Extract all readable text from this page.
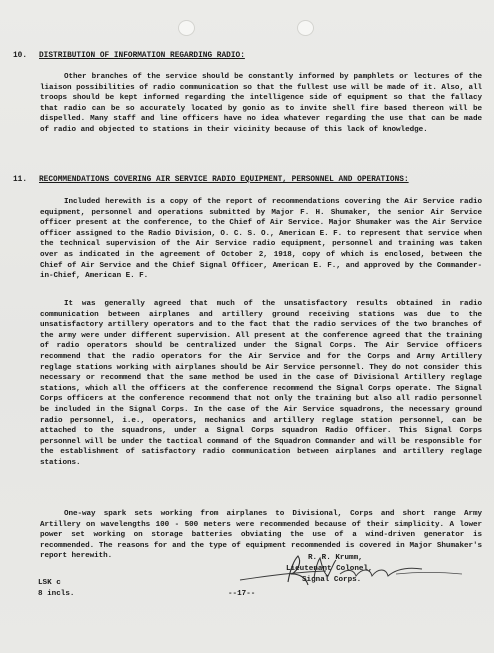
10. DISTRIBUTION OF INFORMATION REGARDING RADIO:

Other branches of the service should be constantly informed by pamphlets or lectures of the liaison possibilities of radio communication so that the fullest use will be made of it. Also, all troops should be kept informed regarding the intelligence side of equipment so that the fallacy that radio can be so accurately located by gonio as to invite shell fire based thereon will be dispelled. Many staff and line officers have no idea whatever regarding the use that can be made of radio and objected to stations in their vicinity because of this lack of knowledge.

11. RECOMMENDATIONS COVERING AIR SERVICE RADIO EQUIPMENT, PERSONNEL AND OPERATIONS:

Included herewith is a copy of the report of recommendations covering the Air Service radio equipment, personnel and operations submitted by Major F. H. Shumaker, the senior Air Service officer present at the conference, to the Chief of Air Service. Major Shumaker was the Air Service officer assigned to the Radio Division, O. C. S. O., American E. F. to represent that service when the technical supervision of the Air Service radio equipment, personnel and training was taken over as indicated in the agreement of October 2, 1918, copy of which is enclosed, between the Chief of Air Service and the Chief Signal Officer, American E. F., and approved by the Commander-in-Chief, American E. F.

It was generally agreed that much of the unsatisfactory results obtained in radio communication between airplanes and artillery ground receiving stations was due to the unsatisfactory artillery operators and to the fact that the radio services of the two branches of the army were under different supervision. All present at the conference agreed that the training of radio operators should be centralized under the Signal Corps. The Air Service officers recommend that the radio operators for the Air Service and for the Corps and Army Artillery reglage stations working with airplanes should be Air Service personnel. They do not consider this necessary or recommend that the same method be used in the case of Divisional Artillery reglage stations, which all the officers at the conference recommend the Signal Corps operate. The Signal Corps officers at the conference recommend that not only the training but also all radio personnel be included in the Signal Corps. In the case of the Air Service squadrons, the necessary ground radio personnel, i.e., operators, mechanics and artillery reglage station personnel, can be attached to the squadrons, under a Signal Corps squadron Radio Officer. This Signal Corps personnel will be under the tactical command of the Squadron Commander and will be responsible for the establishment of satisfactory radio communication between airplanes and artillery reglage stations.

One-way spark sets working from airplanes to Divisional, Corps and short range Army Artillery on wavelengths 100 - 500 meters were recommended because of their simplicity. A lower power set working on storage batteries obviating the use of a wind-driven generator is recommended. The reasons for and the type of equipment recommended is covered in Major Shumaker's report herewith.	R. R. Krumm,
Lieutenant Colonel,
Signal Corps.
LSK c
8 incls.	--17--
